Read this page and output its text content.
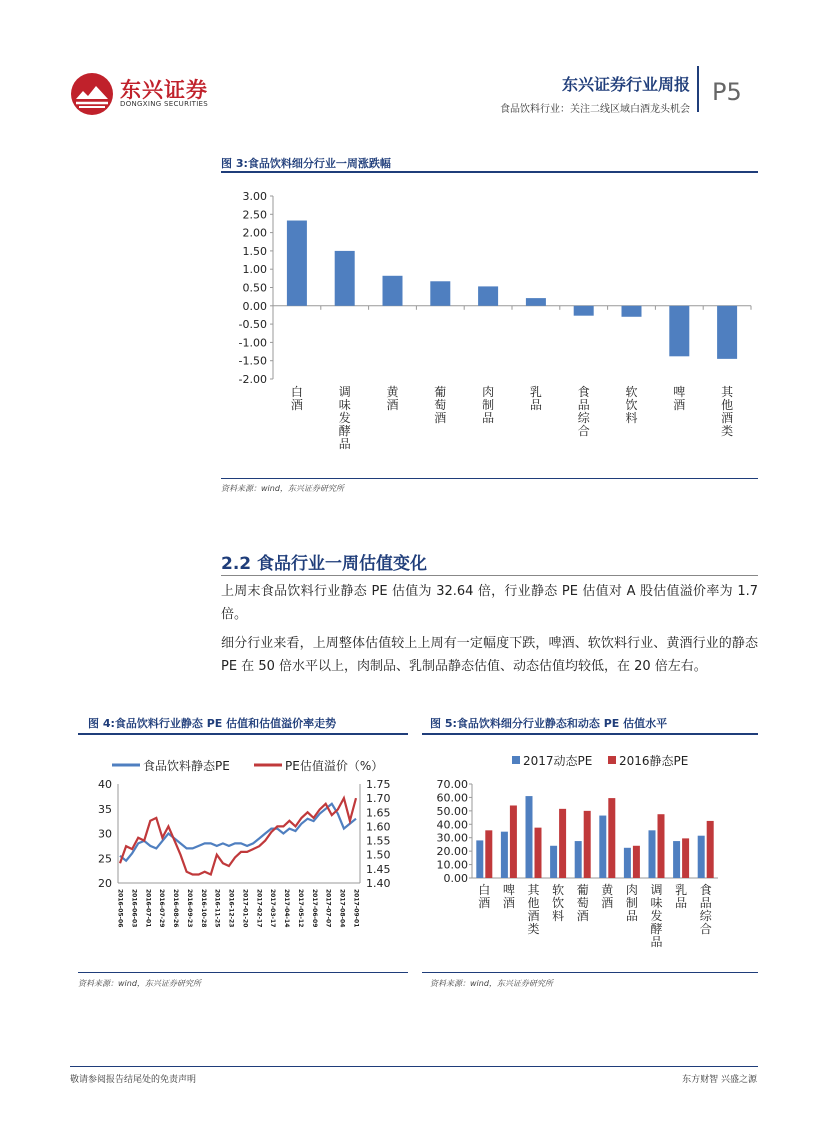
东兴证券
DONGXING SECURITIES
东兴证券行业周报
食品饮料行业：关注二线区域白酒龙头机会
P5
图 3:食品饮料细分行业一周涨跌幅
3.00
2.50
2.00
1.50
1.00
0.50
0.00
-0.50
-1.00
-1.50
-2.00
白酒
调味发酵品
黄酒
葡萄酒
肉制品
乳品
食品综合
软饮料
啤酒
其他酒类
资料来源：wind，东兴证券研究所
2.2 食品行业一周估值变化
上周末食品饮料行业静态 PE 估值为 32.64 倍，行业静态 PE 估值对 A 股估值溢价率为 1.7 倍。
细分行业来看，上周整体估值较上上周有一定幅度下跌，啤酒、软饮料行业、黄酒行业的静态 PE 在 50 倍水平以上，肉制品、乳制品静态估值、动态估值均较低，在 20 倍左右。
图 4:食品饮料行业静态 PE 估值和估值溢价率走势
食品饮料静态PE	PE估值溢价（%）
40
35
30
25
20
1.75
1.70
1.65
1.60
1.55
1.50
1.45
1.40
2016-05-06 2016-06-03 2016-07-01 2016-07-29 2016-08-26 2016-09-23 2016-10-28 2016-11-25 2016-12-23 2017-01-20 2017-02-17 2017-03-17 2017-04-14 2017-05-12 2017-06-09 2017-07-07 2017-08-04 2017-09-01
资料来源：wind，东兴证券研究所
图 5:食品饮料细分行业静态和动态 PE 估值水平
2017动态PE 2016静态PE
70.00
60.00
50.00
40.00
30.00
20.00
10.00
0.00
白酒
啤酒
其他酒类
软饮料
葡萄酒
黄酒
肉制品
调味发酵品
乳品
食品综合
资料来源：wind，东兴证券研究所
敬请参阅报告结尾处的免责声明	东方财智 兴盛之源
